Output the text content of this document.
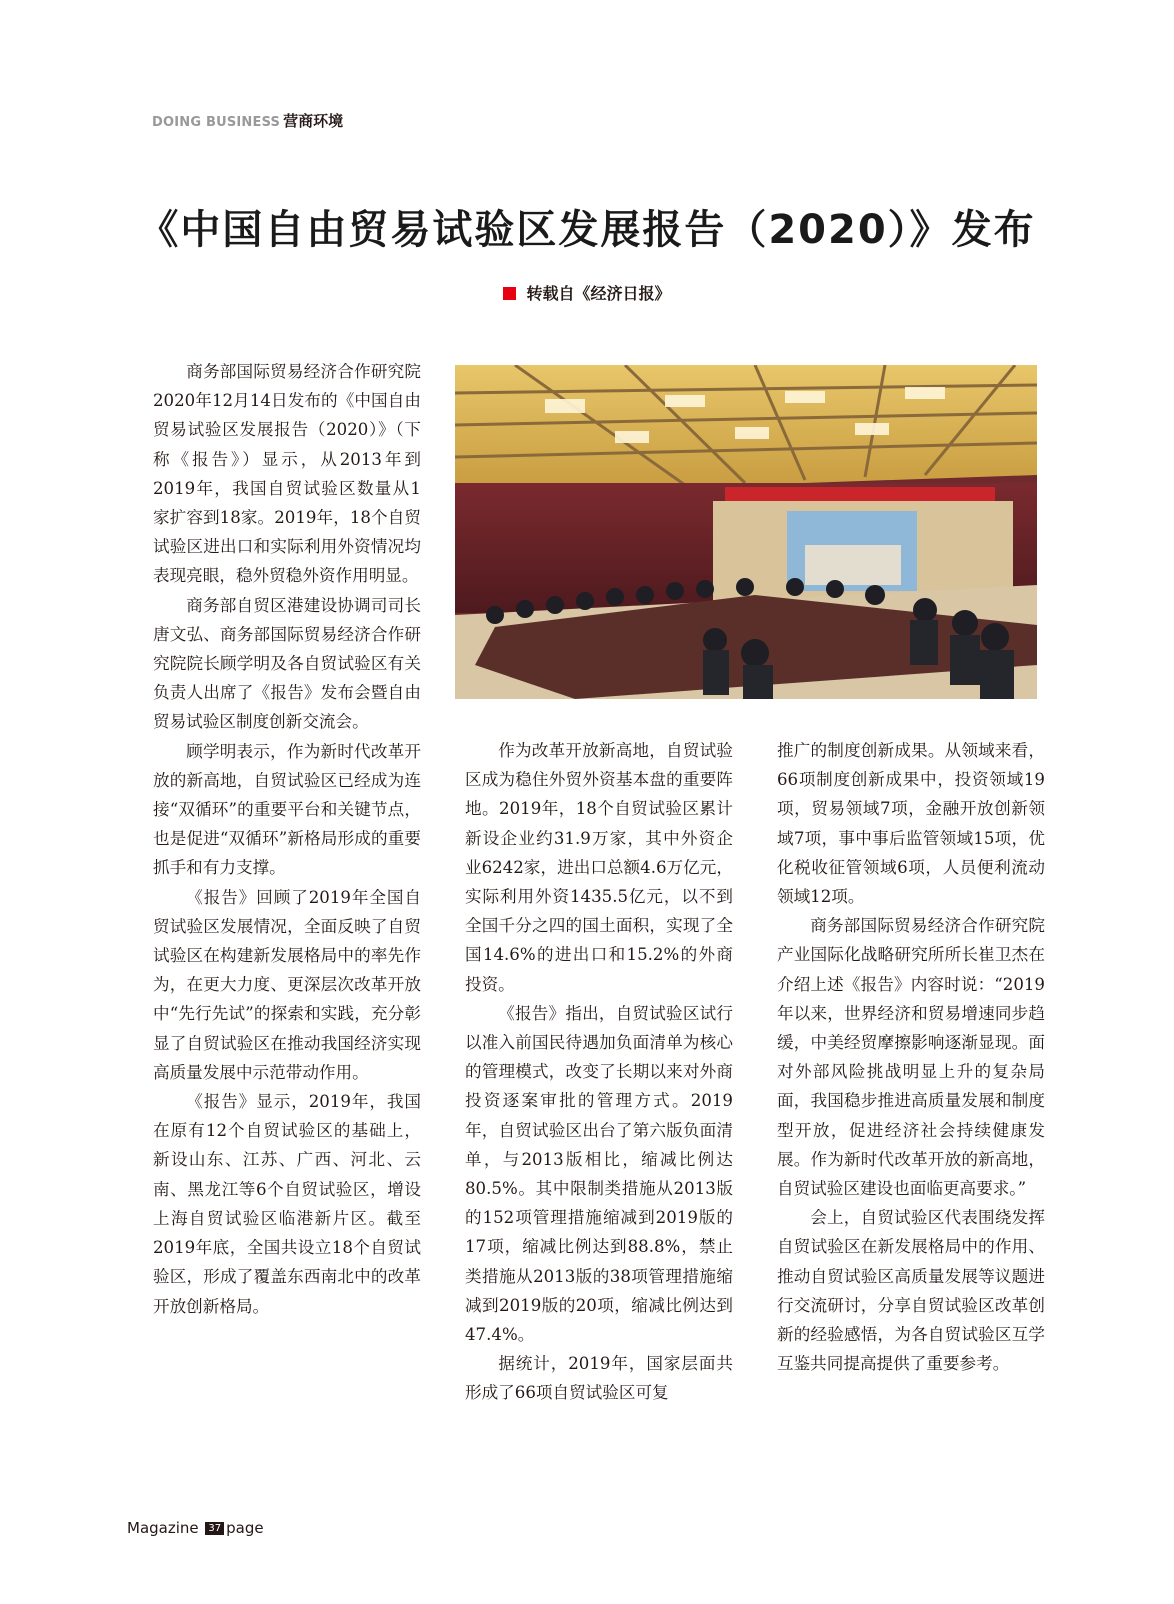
DOING BUSINESS 营商环境
《中国自由贸易试验区发展报告（2020）》发布
转载自《经济日报》

商务部国际贸易经济合作研究院2020年12月14日发布的《中国自由贸易试验区发展报告（2020）》（下称《报告》）显示，从2013年到2019年，我国自贸试验区数量从1家扩容到18家。2019年，18个自贸试验区进出口和实际利用外资情况均表现亮眼，稳外贸稳外资作用明显。

商务部自贸区港建设协调司司长唐文弘、商务部国际贸易经济合作研究院院长顾学明及各自贸试验区有关负责人出席了《报告》发布会暨自由贸易试验区制度创新交流会。

顾学明表示，作为新时代改革开放的新高地，自贸试验区已经成为连接“双循环”的重要平台和关键节点，也是促进“双循环”新格局形成的重要抓手和有力支撑。

《报告》回顾了2019年全国自贸试验区发展情况，全面反映了自贸试验区在构建新发展格局中的率先作为，在更大力度、更深层次改革开放中“先行先试”的探索和实践，充分彰显了自贸试验区在推动我国经济实现高质量发展中示范带动作用。

《报告》显示，2019年，我国在原有12个自贸试验区的基础上，新设山东、江苏、广西、河北、云南、黑龙江等6个自贸试验区，增设上海自贸试验区临港新片区。截至2019年底，全国共设立18个自贸试验区，形成了覆盖东西南北中的改革开放创新格局。

作为改革开放新高地，自贸试验区成为稳住外贸外资基本盘的重要阵地。2019年，18个自贸试验区累计新设企业约31.9万家，其中外资企业6242家，进出口总额4.6万亿元，实际利用外资1435.5亿元，以不到全国千分之四的国土面积，实现了全国14.6%的进出口和15.2%的外商投资。

《报告》指出，自贸试验区试行以准入前国民待遇加负面清单为核心的管理模式，改变了长期以来对外商投资逐案审批的管理方式。2019年，自贸试验区出台了第六版负面清单，与2013版相比，缩减比例达80.5%。其中限制类措施从2013版的152项管理措施缩减到2019版的17项，缩减比例达到88.8%，禁止类措施从2013版的38项管理措施缩减到2019版的20项，缩减比例达到47.4%。

据统计，2019年，国家层面共形成了66项自贸试验区可复

推广的制度创新成果。从领域来看，66项制度创新成果中，投资领域19项，贸易领域7项，金融开放创新领域7项，事中事后监管领域15项，优化税收征管领域6项，人员便利流动领域12项。

商务部国际贸易经济合作研究院产业国际化战略研究所所长崔卫杰在介绍上述《报告》内容时说：“2019年以来，世界经济和贸易增速同步趋缓，中美经贸摩擦影响逐渐显现。面对外部风险挑战明显上升的复杂局面，我国稳步推进高质量发展和制度型开放，促进经济社会持续健康发展。作为新时代改革开放的新高地，自贸试验区建设也面临更高要求。”

会上，自贸试验区代表围绕发挥自贸试验区在新发展格局中的作用、推动自贸试验区高质量发展等议题进行交流研讨，分享自贸试验区改革创新的经验感悟，为各自贸试验区互学互鉴共同提高提供了重要参考。

Magazine 37 page
